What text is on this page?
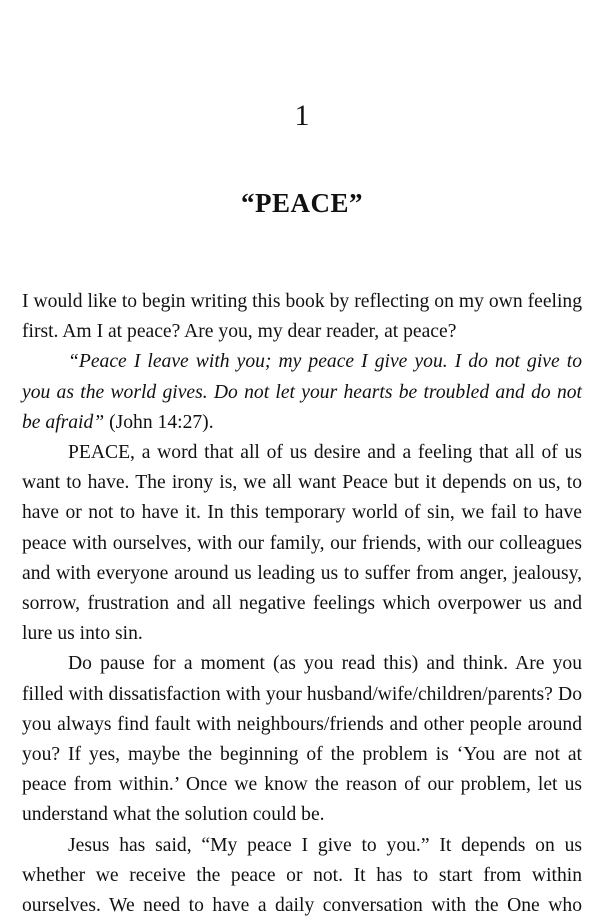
1
“PEACE”

I would like to begin writing this book by reflecting on my own feeling first. Am I at peace? Are you, my dear reader, at peace?

“Peace I leave with you; my peace I give you. I do not give to you as the world gives. Do not let your hearts be troubled and do not be afraid” (John 14:27).

PEACE, a word that all of us desire and a feeling that all of us want to have. The irony is, we all want Peace but it depends on us, to have or not to have it. In this temporary world of sin, we fail to have peace with ourselves, with our family, our friends, with our colleagues and with everyone around us leading us to suffer from anger, jealousy, sorrow, frustration and all negative feelings which overpower us and lure us into sin.

Do pause for a moment (as you read this) and think. Are you filled with dissatisfaction with your husband/wife/children/parents? Do you always find fault with neighbours/friends and other people around you? If yes, maybe the beginning of the problem is ‘You are not at peace from within.’ Once we know the reason of our problem, let us understand what the solution could be.

Jesus has said, “My peace I give to you.” It depends on us whether we receive the peace or not. It has to start from within ourselves. We need to have a daily conversation with the One who
